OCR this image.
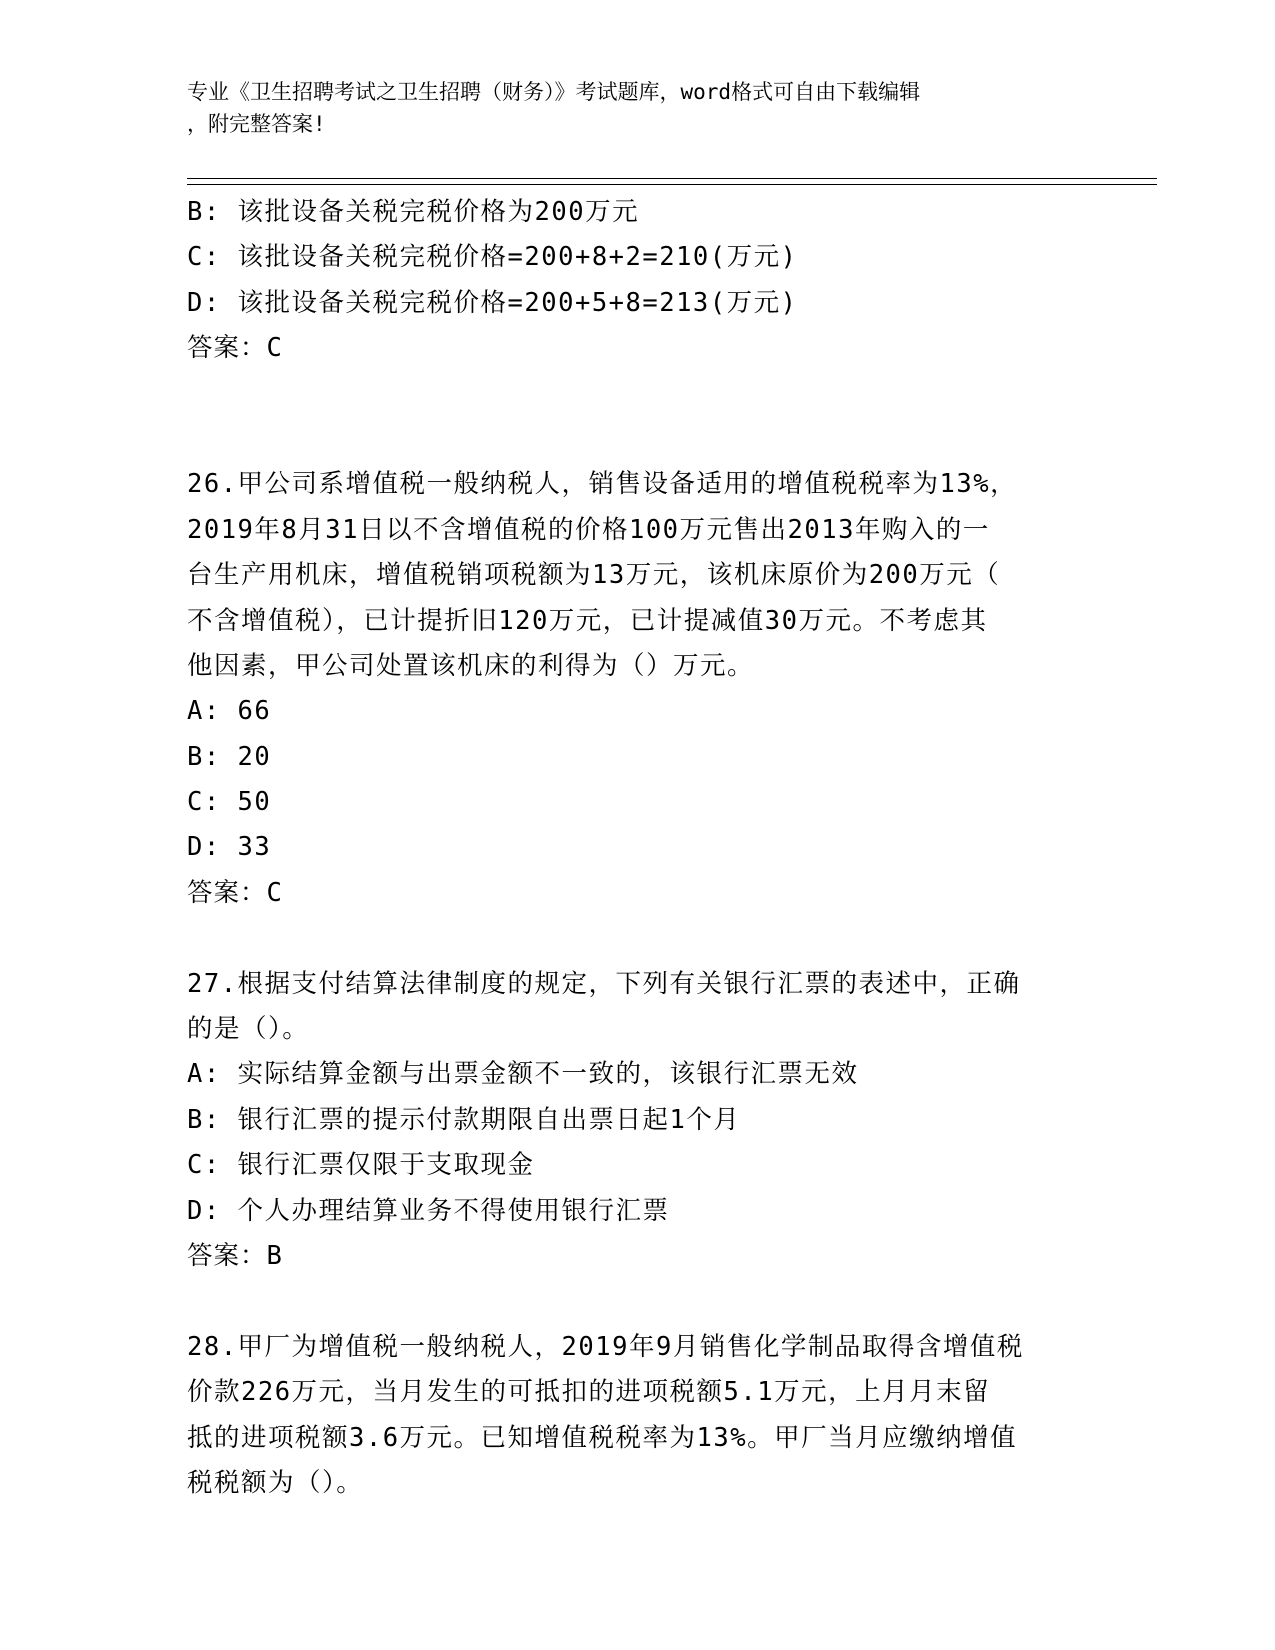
专业《卫生招聘考试之卫生招聘（财务）》考试题库，word格式可自由下载编辑
，附完整答案!
B: 该批设备关税完税价格为200万元
C: 该批设备关税完税价格=200+8+2=210(万元)
D: 该批设备关税完税价格=200+5+8=213(万元)
答案：C
26.甲公司系增值税一般纳税人，销售设备适用的增值税税率为13%，
2019年8月31日以不含增值税的价格100万元售出2013年购入的一
台生产用机床，增值税销项税额为13万元，该机床原价为200万元（
不含增值税），已计提折旧120万元，已计提减值30万元。不考虑其
他因素，甲公司处置该机床的利得为（）万元。
A: 66
B: 20
C: 50
D: 33
答案：C
27.根据支付结算法律制度的规定，下列有关银行汇票的表述中，正确
的是（）。
A: 实际结算金额与出票金额不一致的，该银行汇票无效
B: 银行汇票的提示付款期限自出票日起1个月
C: 银行汇票仅限于支取现金
D: 个人办理结算业务不得使用银行汇票
答案：B
28.甲厂为增值税一般纳税人，2019年9月销售化学制品取得含增值税
价款226万元，当月发生的可抵扣的进项税额5.1万元，上月月末留
抵的进项税额3.6万元。已知增值税税率为13%。甲厂当月应缴纳增值
税税额为（）。
